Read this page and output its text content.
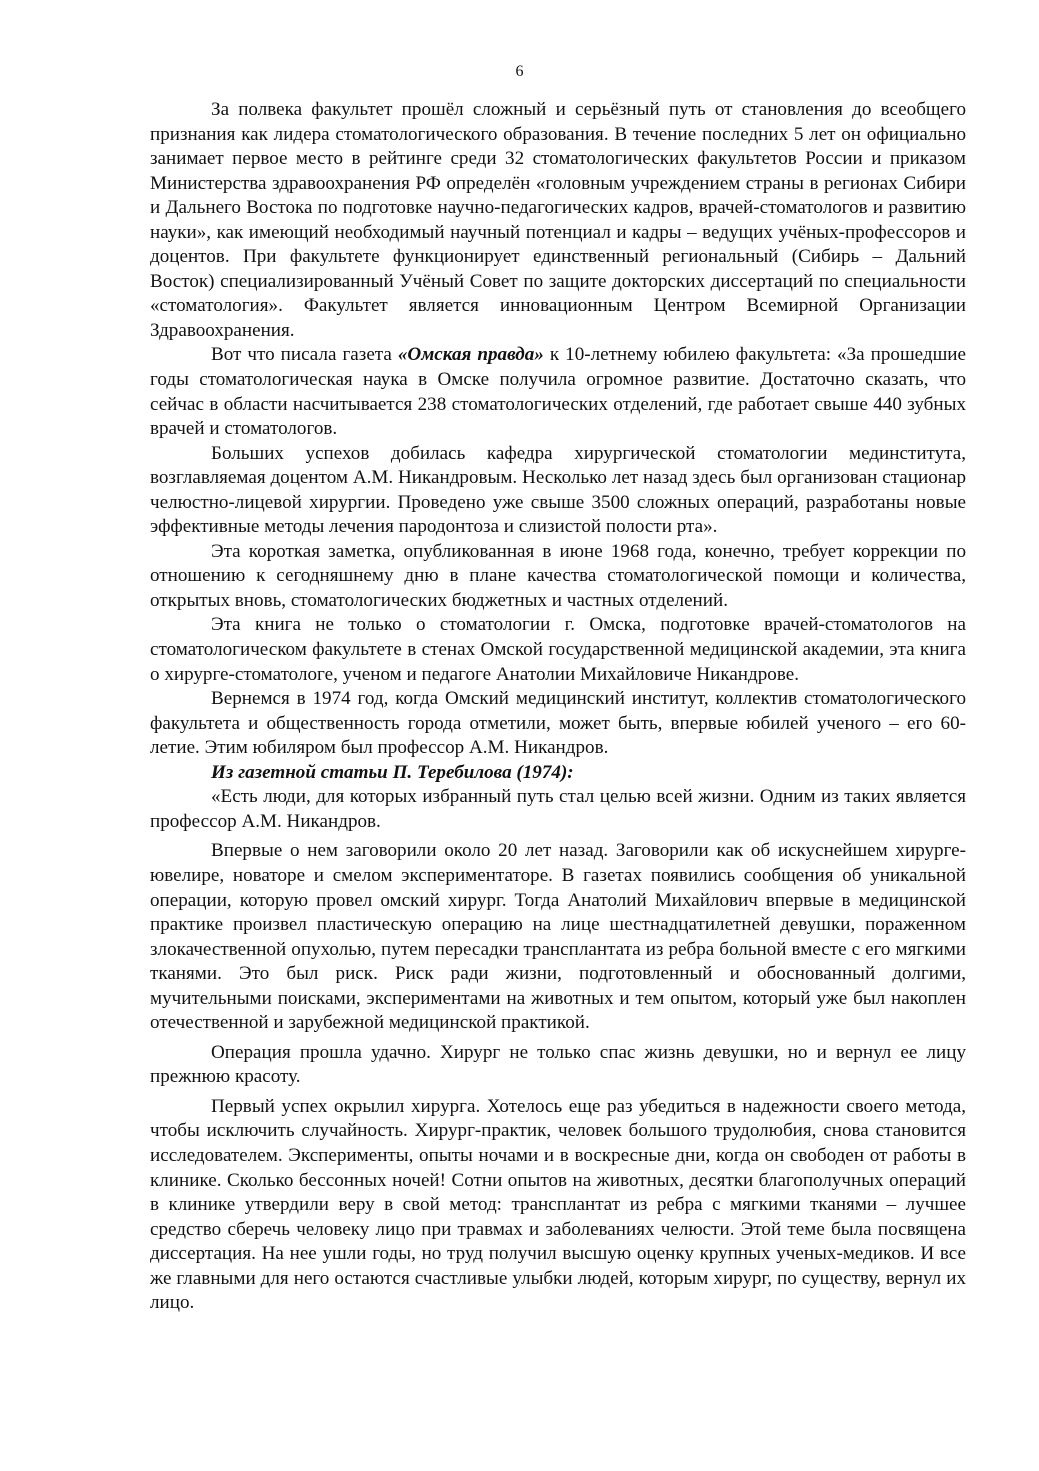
6

За полвека факультет прошёл сложный и серьёзный путь от становления до всеобщего признания как лидера стоматологического образования. В течение последних 5 лет он официально занимает первое место в рейтинге среди 32 стоматологических факультетов России и приказом Министерства здравоохранения РФ определён «головным учреждением страны в регионах Сибири и Дальнего Востока по подготовке научно-педагогических кадров, врачей-стоматологов и развитию науки», как имеющий необходимый научный потенциал и кадры – ведущих учёных-профессоров и доцентов. При факультете функционирует единственный региональный (Сибирь – Дальний Восток) специализированный Учёный Совет по защите докторских диссертаций по специальности «стоматология». Факультет является инновационным Центром Всемирной Организации Здравоохранения.

Вот что писала газета «Омская правда» к 10-летнему юбилею факультета: «За прошедшие годы стоматологическая наука в Омске получила огромное развитие. Достаточно сказать, что сейчас в области насчитывается 238 стоматологических отделений, где работает свыше 440 зубных врачей и стоматологов.

Больших успехов добилась кафедра хирургической стоматологии мединститута, возглавляемая доцентом А.М. Никандровым. Несколько лет назад здесь был организован стационар челюстно-лицевой хирургии. Проведено уже свыше 3500 сложных операций, разработаны новые эффективные методы лечения пародонтоза и слизистой полости рта».

Эта короткая заметка, опубликованная в июне 1968 года, конечно, требует коррекции по отношению к сегодняшнему дню в плане качества стоматологической помощи и количества, открытых вновь, стоматологических бюджетных и частных отделений.

Эта книга не только о стоматологии г. Омска, подготовке врачей-стоматологов на стоматологическом факультете в стенах Омской государственной медицинской академии, эта книга о хирурге-стоматологе, ученом и педагоге Анатолии Михайловиче Никандрове.

Вернемся в 1974 год, когда Омский медицинский институт, коллектив стоматологического факультета и общественность города отметили, может быть, впервые юбилей ученого – его 60-летие. Этим юбиляром был профессор А.М. Никандров.

Из газетной статьи П. Теребилова (1974):

«Есть люди, для которых избранный путь стал целью всей жизни. Одним из таких является профессор А.М. Никандров.

Впервые о нем заговорили около 20 лет назад. Заговорили как об искуснейшем хирурге-ювелире, новаторе и смелом экспериментаторе. В газетах появились сообщения об уникальной операции, которую провел омский хирург. Тогда Анатолий Михайлович впервые в медицинской практике произвел пластическую операцию на лице шестнадцатилетней девушки, пораженном злокачественной опухолью, путем пересадки трансплантата из ребра больной вместе с его мягкими тканями. Это был риск. Риск ради жизни, подготовленный и обоснованный долгими, мучительными поисками, экспериментами на животных и тем опытом, который уже был накоплен отечественной и зарубежной медицинской практикой.

Операция прошла удачно. Хирург не только спас жизнь девушки, но и вернул ее лицу прежнюю красоту.

Первый успех окрылил хирурга. Хотелось еще раз убедиться в надежности своего метода, чтобы исключить случайность. Хирург-практик, человек большого трудолюбия, снова становится исследователем. Эксперименты, опыты ночами и в воскресные дни, когда он свободен от работы в клинике. Сколько бессонных ночей! Сотни опытов на животных, десятки благополучных операций в клинике утвердили веру в свой метод: трансплантат из ребра с мягкими тканями – лучшее средство сберечь человеку лицо при травмах и заболеваниях челюсти. Этой теме была посвящена диссертация. На нее ушли годы, но труд получил высшую оценку крупных ученых-медиков. И все же главными для него остаются счастливые улыбки людей, которым хирург, по существу, вернул их лицо.
